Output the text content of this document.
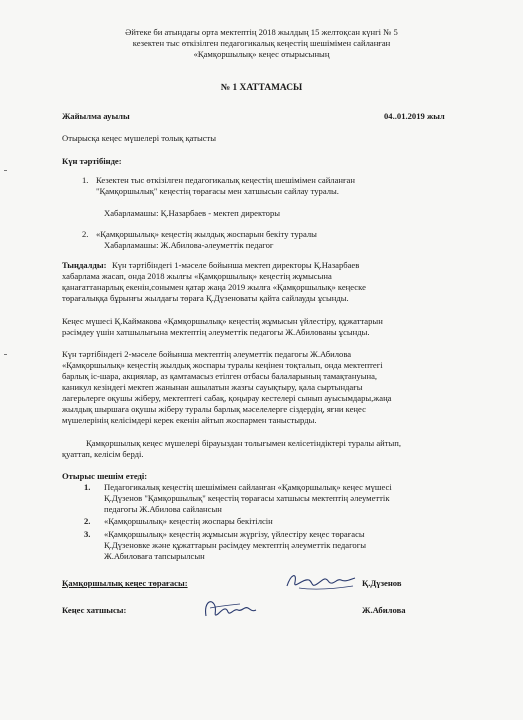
Әйтеке би атындағы орта мектептің 2018 жылдың 15 желтоқсан күнгі № 5
кезектен тыс өткізілген педагогикалық кеңестің шешімімен сайланған
«Қамқоршылық» кеңес отырысының
№ 1 ХАТТАМАСЫ
Жайылма ауылы	04..01.2019 жыл
Отырысқа кеңес мүшелері толық қатысты
Күн тәртібінде:
1. Кезектен тыс өткізілген педагогикалық кеңестің шешімімен сайланған
"Қамқоршылық" кеңестің төрағасы мен хатшысын сайлау туралы.
Хабарламашы: Қ.Назарбаев - мектеп директоры
2. «Қамқоршылық» кеңестің жылдық жоспарын бекіту туралы
Хабарламашы: Ж.Абилова-әлеуметтік педагог
Тыңдалды: Күн тәртібіндегі 1-мәселе бойынша мектеп директоры Қ.Назарбаев
хабарлама жасап, онда 2018 жылғы «Қамқоршылық» кеңестің жұмысына
қанағаттанарлық екенін,сонымен қатар жаңа 2019 жылға «Қамқоршылық» кеңеске
төрағалыққа бұрынғы жылдағы төраға Қ.Дүзеноваты қайта сайлауды ұсынды.
Кеңес мүшесі Қ.Каймакова «Қамқоршылық» кеңестің жұмысын үйлестіру, құжаттарын
рәсімдеу үшін хатшылығына мектептің әлеуметтік педагогы Ж.Абилованы ұсынды.
Күн тәртібіндегі 2-мәселе бойынша мектептің әлеуметтік педагогы Ж.Абилова
«Қамқоршылық» кеңестің жылдық жоспары туралы кеңінен тоқталып, онда мектептегі
барлық іс-шара, акциялар, аз қамтамасыз етілген отбасы балаларының тамақтануына,
каникул кезіндегі мектеп жанынан ашылатын жазғы сауықтыру, қала сыртындағы
лагерьлерге оқушы жіберу, мектептегі сабақ, қоңырау кестелері сынып ауысымдары,жаңа
жылдық шыршаға оқушы жіберу туралы барлық мәселелерге сіздердің, яғни кеңес
мүшелерінің келісімдері керек екенін айтып жоспармен таныстырды.
Қамқоршылық кеңес мүшелері бірауыздан толығымен келісетіндіктері туралы айтып,
қуаттап, келісім берді.
Отырыс шешім етеді:
1. Педагогикалық кеңестің шешімімен сайланған «Қамқоршылық» кеңес мүшесі
Қ.Дүзенов "Қамқоршылық" кеңестің төрағасы хатшысы мектептің әлеуметтік
педагогы Ж.Абилова сайлансын
2. «Қамқоршылық» кеңестің жоспары бекітілсін
3. «Қамқоршылық» кеңестің жұмысын жүргізу, үйлестіру кеңес төрағасы
Қ.Дүзеновке және құжаттарын рәсімдеу мектептің әлеуметтік педагогы
Ж.Абиловаға тапсырылсын
Қамқоршылық кеңес төрағасы:	Қ.Дүзенов
Кеңес хатшысы:	Ж.Абилова
